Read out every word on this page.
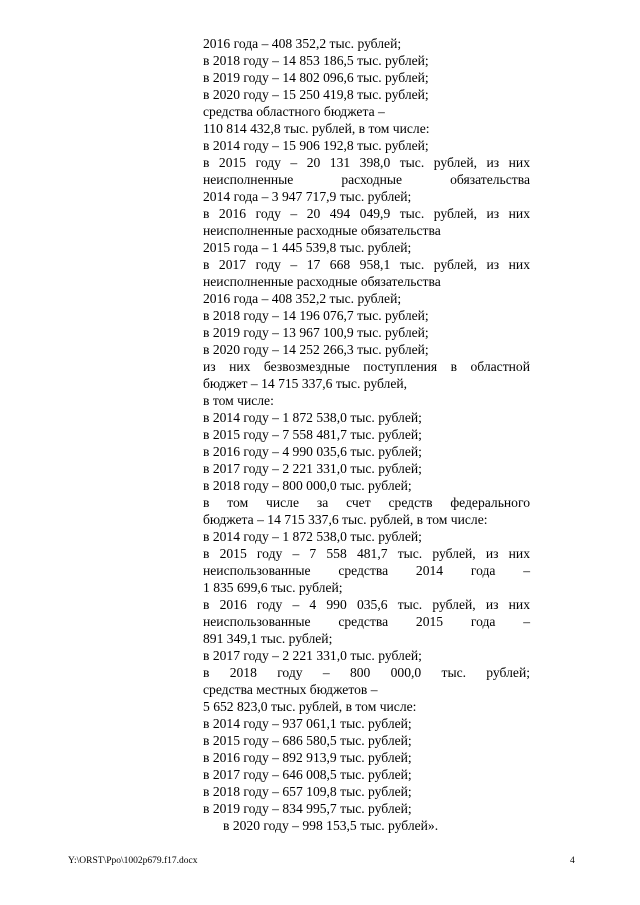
2016 года – 408 352,2 тыс. рублей;
в 2018 году – 14 853 186,5 тыс. рублей;
в 2019 году – 14 802 096,6 тыс. рублей;
в 2020 году – 15 250 419,8 тыс. рублей;
средства областного бюджета –
110 814 432,8 тыс. рублей, в том числе:
в 2014 году – 15 906 192,8 тыс. рублей;
в 2015 году – 20 131 398,0 тыс. рублей, из них
неисполненные расходные обязательства
2014 года – 3 947 717,9 тыс. рублей;
в 2016 году – 20 494 049,9 тыс. рублей, из них
неисполненные расходные обязательства
2015 года – 1 445 539,8 тыс. рублей;
в 2017 году – 17 668 958,1 тыс. рублей, из них
неисполненные расходные обязательства
2016 года – 408 352,2 тыс. рублей;
в 2018 году – 14 196 076,7 тыс. рублей;
в 2019 году – 13 967 100,9 тыс. рублей;
в 2020 году – 14 252 266,3 тыс. рублей;
из них безвозмездные поступления в областной
бюджет – 14 715 337,6 тыс. рублей,
в том числе:
в 2014 году – 1 872 538,0 тыс. рублей;
в 2015 году – 7 558 481,7 тыс. рублей;
в 2016 году – 4 990 035,6 тыс. рублей;
в 2017 году – 2 221 331,0 тыс. рублей;
в 2018 году – 800 000,0 тыс. рублей;
в том числе за счет средств федерального
бюджета – 14 715 337,6 тыс. рублей, в том числе:
в 2014 году – 1 872 538,0 тыс. рублей;
в 2015 году – 7 558 481,7 тыс. рублей, из них
неиспользованные средства 2014 года –
1 835 699,6 тыс. рублей;
в 2016 году – 4 990 035,6 тыс. рублей, из них
неиспользованные средства 2015 года –
891 349,1 тыс. рублей;
в 2017 году – 2 221 331,0 тыс. рублей;
в 2018 году – 800 000,0 тыс. рублей;
средства местных бюджетов –
5 652 823,0 тыс. рублей, в том числе:
в 2014 году – 937 061,1 тыс. рублей;
в 2015 году – 686 580,5 тыс. рублей;
в 2016 году – 892 913,9 тыс. рублей;
в 2017 году – 646 008,5 тыс. рублей;
в 2018 году – 657 109,8 тыс. рублей;
в 2019 году – 834 995,7 тыс. рублей;
в 2020 году – 998 153,5 тыс. рублей».
Y:\ORST\Ppo\1002p679.f17.docx	4
